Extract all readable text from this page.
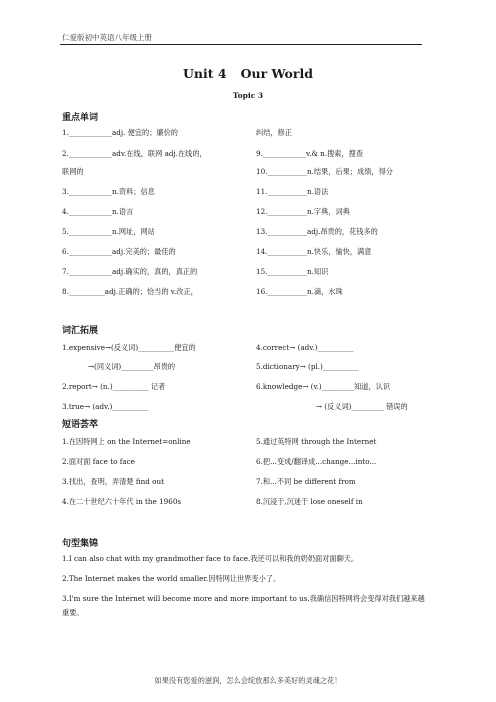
仁爱版初中英语八年级上册
Unit 4 Our World
Topic 3
重点单词
1.____________adj. 便宜的；廉价的
2.____________adv.在线，联网 adj.在线的，
联网的
3.____________n.资料；信息
4.____________n.语言
5.____________n.网址，网站
6.____________adj.完美的；最佳的
7.____________adj.确实的，真的，真正的
8.__________adj.正确的；恰当的 v.改正，
纠结，修正
9.____________v.& n.搜索，搜查
10.___________n.结果，后果；成绩，得分
11.___________n.语法
12.___________n.字典，词典
13.___________adj.昂贵的，花钱多的
14.___________n.快乐，愉快，满意
15.___________n.知识
16.___________n.滴，水珠
词汇拓展
1.expensive→(反义词)__________便宜的
→(同义词)_________昂贵的
2.report→ (n.)__________ 记者
3.true→ (adv.)__________
4.correct→ (adv.)__________
5.dictionary→ (pl.)__________
6.knowledge→ (v.)_________知道，认识
→ (反义词)_________ 错误的
短语荟萃
1.在因特网上 on the Internet=online
2.面对面 face to face
3.找出，查明，弄清楚 find out
4.在二十世纪六十年代 in the 1960s
5.通过英特网 through the Internet
6.把...变成/翻译成...change...into...
7.和...不同 be different from
8.沉浸于,沉迷于 lose oneself in
句型集锦
1.I can also chat with my grandmother face to face.我还可以和我的奶奶面对面聊天。
2.The Internet makes the world smaller.因特网让世界变小了。
3.I'm sure the Internet will become more and more important to us.我确信因特网将会变得对我们越来越重要。
如果没有您爱的滋润，怎么会绽放那么多美好的灵魂之花！
